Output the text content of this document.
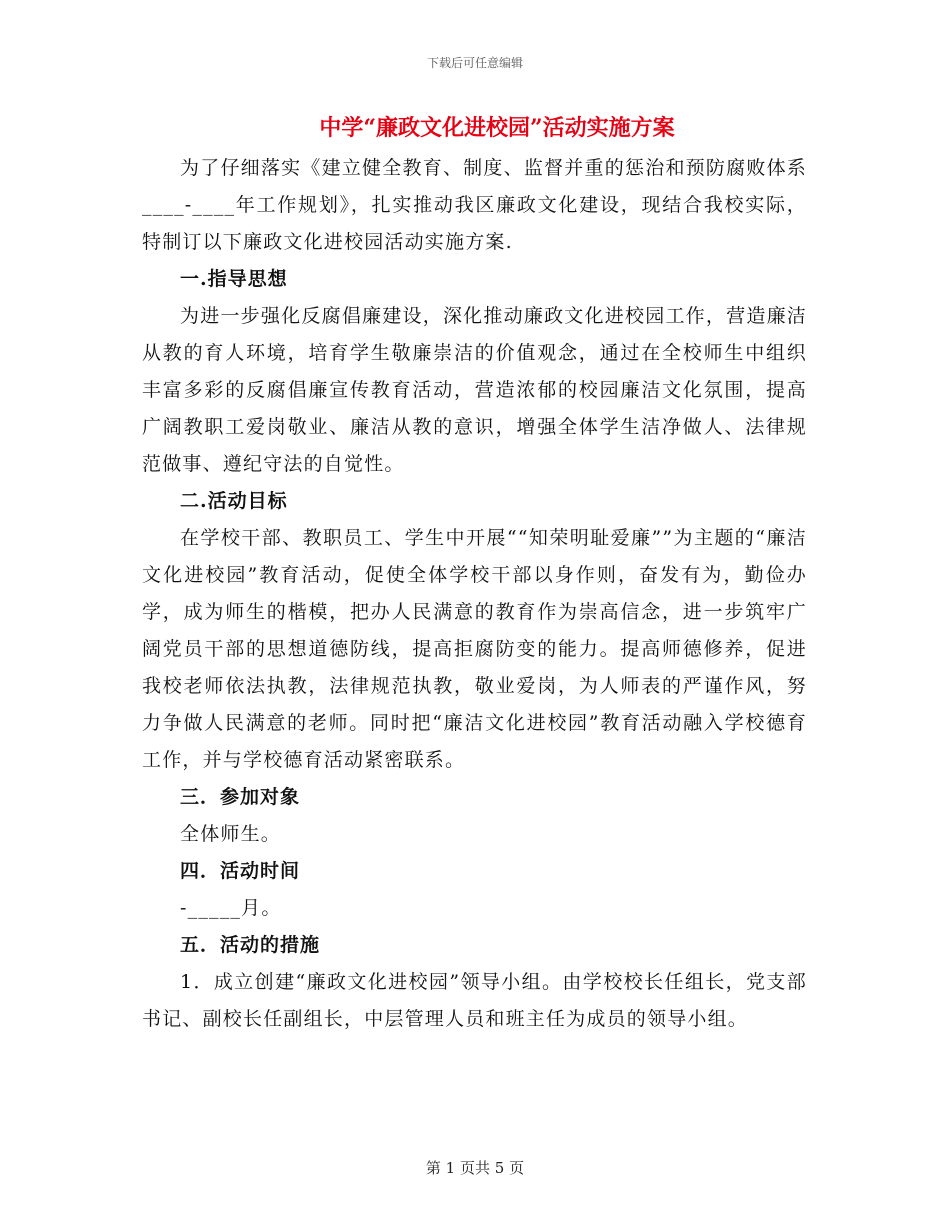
下载后可任意编辑
中学“廉政文化进校园”活动实施方案

为了仔细落实《建立健全教育、制度、监督并重的惩治和预防腐败体系____-____年工作规划》，扎实推动我区廉政文化建设，现结合我校实际，特制订以下廉政文化进校园活动实施方案.

一.指导思想

为进一步强化反腐倡廉建设，深化推动廉政文化进校园工作，营造廉洁从教的育人环境，培育学生敬廉崇洁的价值观念，通过在全校师生中组织丰富多彩的反腐倡廉宣传教育活动，营造浓郁的校园廉洁文化氛围，提高广阔教职工爱岗敬业、廉洁从教的意识，增强全体学生洁净做人、法律规范做事、遵纪守法的自觉性。

二.活动目标

在学校干部、教职员工、学生中开展““知荣明耻爱廉””为主题的“廉洁文化进校园”教育活动，促使全体学校干部以身作则，奋发有为，勤俭办学，成为师生的楷模，把办人民满意的教育作为崇高信念，进一步筑牢广阔党员干部的思想道德防线，提高拒腐防变的能力。提高师德修养，促进我校老师依法执教，法律规范执教，敬业爱岗，为人师表的严谨作风，努力争做人民满意的老师。同时把“廉洁文化进校园”教育活动融入学校德育工作，并与学校德育活动紧密联系。

三．参加对象

全体师生。

四．活动时间

-_____月。

五．活动的措施

1．成立创建“廉政文化进校园”领导小组。由学校校长任组长，党支部书记、副校长任副组长，中层管理人员和班主任为成员的领导小组。

第 1 页共 5 页
